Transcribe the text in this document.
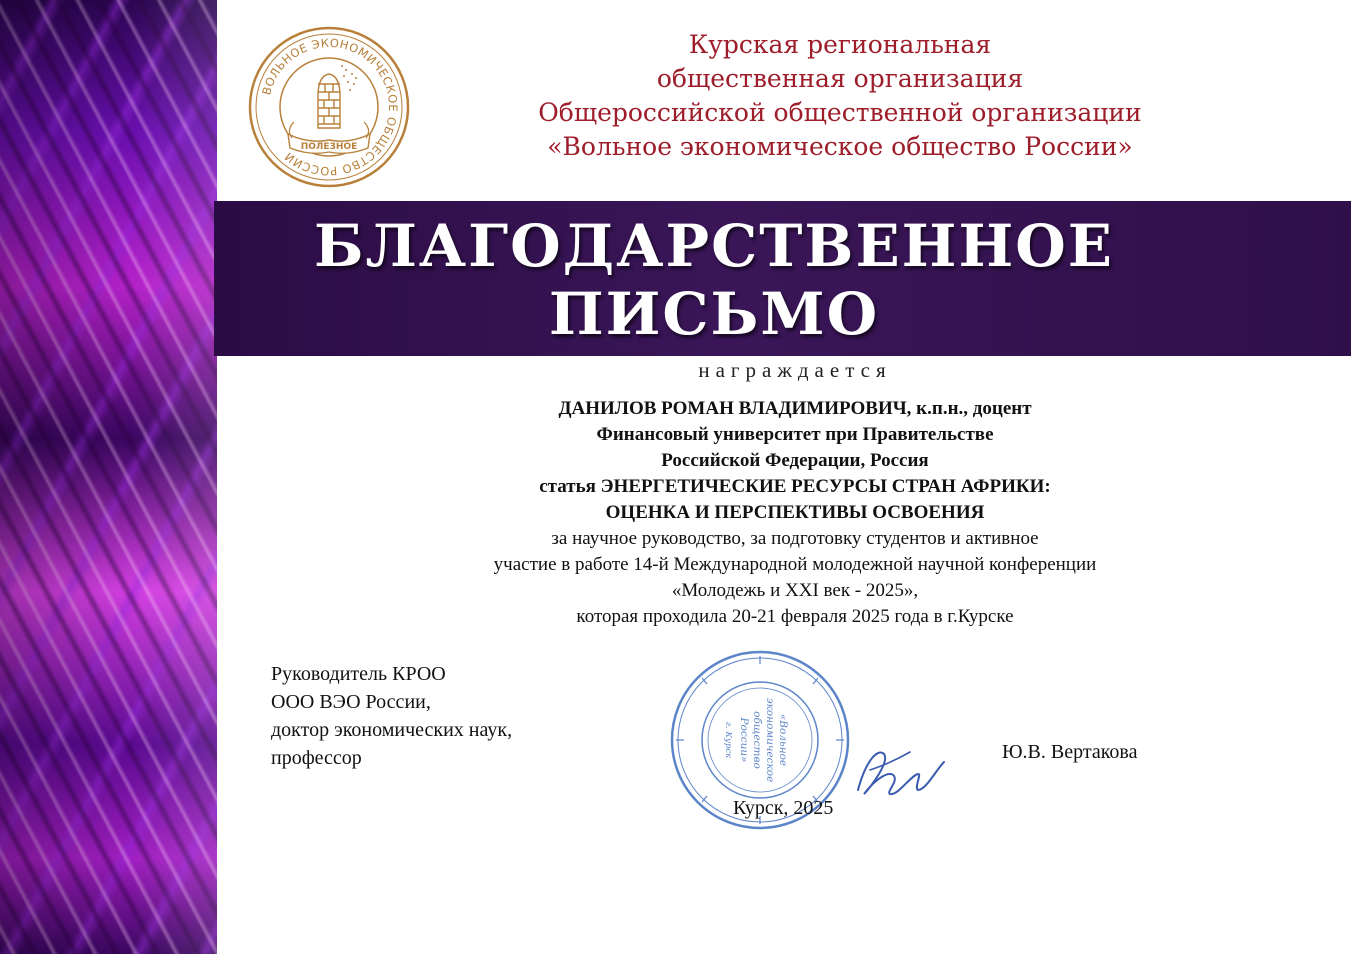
ВОЛЬНОЕ ЭКОНОМИЧЕСКОЕ ОБЩЕСТВО РОССИИ
ПОЛЕЗНОЕ
Курская региональная
общественная организация
Общероссийской общественной организации
«Вольное экономическое общество России»
БЛАГОДАРСТВЕННОЕ
ПИСЬМО
награждается
ДАНИЛОВ РОМАН ВЛАДИМИРОВИЧ, к.п.н., доцент
Финансовый университет при Правительстве
Российской Федерации, Россия
статья ЭНЕРГЕТИЧЕСКИЕ РЕСУРСЫ СТРАН АФРИКИ:
ОЦЕНКА И ПЕРСПЕКТИВЫ ОСВОЕНИЯ
за научное руководство, за подготовку студентов и активное
участие в работе 14-й Международной молодежной научной конференции
«Молодежь и XXI век - 2025»,
которая проходила 20-21 февраля 2025 года в г.Курске
Руководитель КРОО
ООО ВЭО России,
доктор экономических наук,
профессор	«Вольное
экономическое
общество
России»
г. Курск	Ю.В. Вертакова
Курск, 2025
